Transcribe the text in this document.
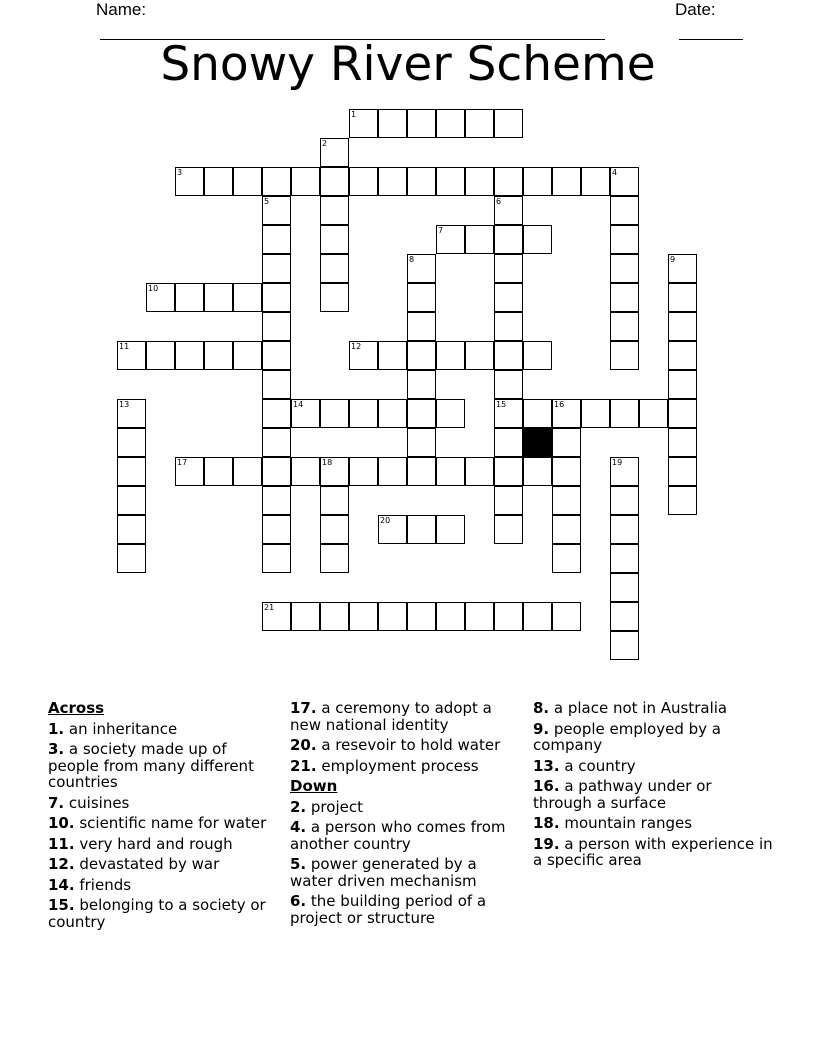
Name:	Date:
Snowy River Scheme
1
2
3	4
5	6
7
8	9
10
11	12
13	14	15	16
17	18	19
20
21
Across
1. an inheritance
3. a society made up of people from many different countries
7. cuisines
10. scientific name for water
11. very hard and rough
12. devastated by war
14. friends
15. belonging to a society or country
17. a ceremony to adopt a new national identity
20. a resevoir to hold water
21. employment process
Down
2. project
4. a person who comes from another country
5. power generated by a water driven mechanism
6. the building period of a project or structure
8. a place not in Australia
9. people employed by a company
13. a country
16. a pathway under or through a surface
18. mountain ranges
19. a person with experience in a specific area
